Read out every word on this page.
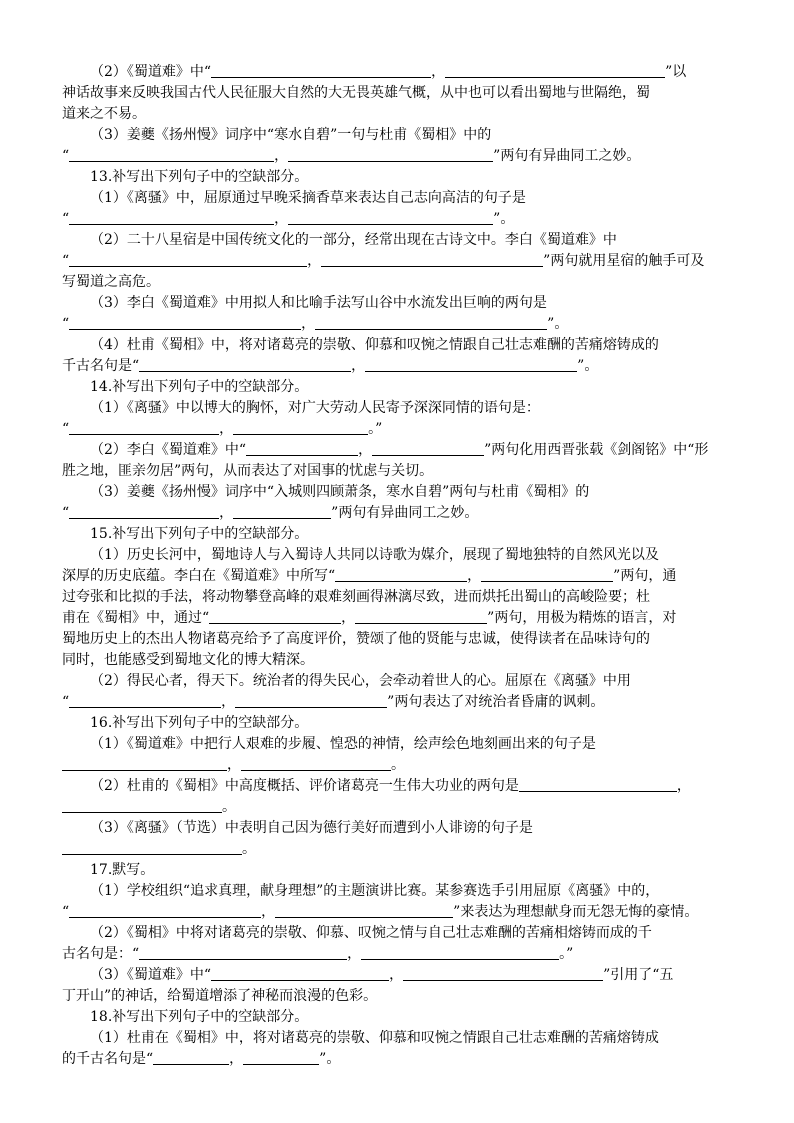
（2）《蜀道难》中“	，	”以
神话故事来反映我国古代人民征服大自然的大无畏英雄气概，从中也可以看出蜀地与世隔绝，蜀
道来之不易。
（3）姜夔《扬州慢》词序中“寒水自碧”一句与杜甫《蜀相》中的
“	，	”两句有异曲同工之妙。
13.补写出下列句子中的空缺部分。
（1）《离骚》中，屈原通过早晚采摘香草来表达自己志向高洁的句子是
“	，	”。
（2）二十八星宿是中国传统文化的一部分，经常出现在古诗文中。李白《蜀道难》中
“	，	”两句就用星宿的触手可及
写蜀道之高危。
（3）李白《蜀道难》中用拟人和比喻手法写山谷中水流发出巨响的两句是
“	，	”。
（4）杜甫《蜀相》中，将对诸葛亮的崇敬、仰慕和叹惋之情跟自己壮志难酬的苦痛熔铸成的
千古名句是“	，	”。
14.补写出下列句子中的空缺部分。
（1）《离骚》中以博大的胸怀，对广大劳动人民寄予深深同情的语句是：
“	，	。”
（2）李白《蜀道难》中“	，	”两句化用西晋张载《剑阁铭》中“形
胜之地，匪亲勿居”两句，从而表达了对国事的忧虑与关切。
（3）姜夔《扬州慢》词序中“入城则四顾萧条，寒水自碧”两句与杜甫《蜀相》的
“	，	”两句有异曲同工之妙。
15.补写出下列句子中的空缺部分。
（1）历史长河中，蜀地诗人与入蜀诗人共同以诗歌为媒介，展现了蜀地独特的自然风光以及
深厚的历史底蕴。李白在《蜀道难》中所写“	，	”两句，通
过夸张和比拟的手法，将动物攀登高峰的艰难刻画得淋漓尽致，进而烘托出蜀山的高峻险要；杜
甫在《蜀相》中，通过“	，	”两句，用极为精炼的语言，对
蜀地历史上的杰出人物诸葛亮给予了高度评价，赞颂了他的贤能与忠诚，使得读者在品味诗句的
同时，也能感受到蜀地文化的博大精深。
（2）得民心者，得天下。统治者的得失民心，会牵动着世人的心。屈原在《离骚》中用
“	，	”两句表达了对统治者昏庸的讽刺。
16.补写出下列句子中的空缺部分。
（1）《蜀道难》中把行人艰难的步履、惶恐的神情，绘声绘色地刻画出来的句子是
，	。
（2）杜甫的《蜀相》中高度概括、评价诸葛亮一生伟大功业的两句是	，
。
（3）《离骚》（节选）中表明自己因为德行美好而遭到小人诽谤的句子是
。
17.默写。
（1）学校组织“追求真理，献身理想”的主题演讲比赛。某参赛选手引用屈原《离骚》中的，
“	，	”来表达为理想献身而无怨无悔的豪情。
（2）《蜀相》中将对诸葛亮的崇敬、仰慕、叹惋之情与自己壮志难酬的苦痛相熔铸而成的千
古名句是：“	，	。”
（3）《蜀道难》中“	，	”引用了“五
丁开山”的神话，给蜀道增添了神秘而浪漫的色彩。
18.补写出下列句子中的空缺部分。
（1）杜甫在《蜀相》中，将对诸葛亮的崇敬、仰慕和叹惋之情跟自己壮志难酬的苦痛熔铸成
的千古名句是“	，	”。
